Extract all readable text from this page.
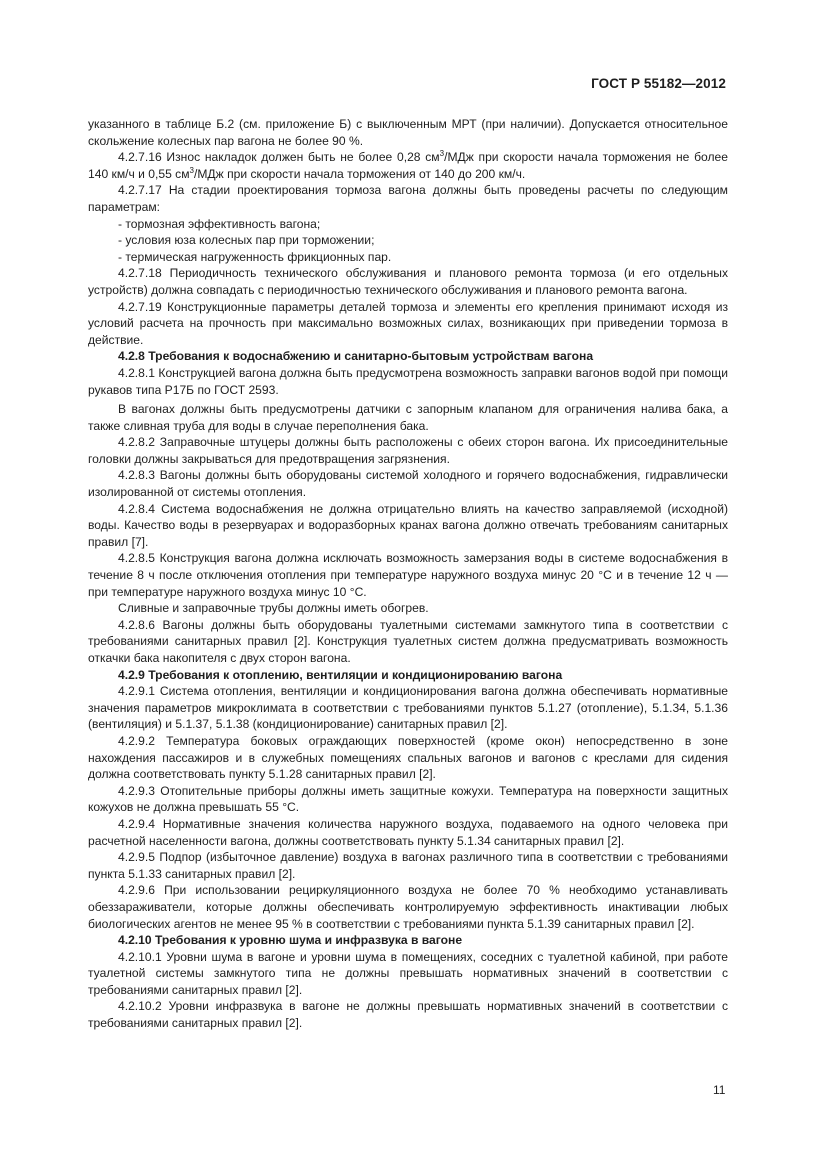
ГОСТ Р 55182—2012

указанного в таблице Б.2 (см. приложение Б) с выключенным МРТ (при наличии). Допускается относительное скольжение колесных пар вагона не более 90 %.

4.2.7.16 Износ накладок должен быть не более 0,28 $см^3$/МДж при скорости начала торможения не более 140 км/ч и 0,55 $см^3$/МДж при скорости начала торможения от 140 до 200 км/ч.

4.2.7.17 На стадии проектирования тормоза вагона должны быть проведены расчеты по следующим параметрам:

- тормозная эффективность вагона;

- условия юза колесных пар при торможении;

- термическая нагруженность фрикционных пар.

4.2.7.18 Периодичность технического обслуживания и планового ремонта тормоза (и его отдельных устройств) должна совпадать с периодичностью технического обслуживания и планового ремонта вагона.

4.2.7.19 Конструкционные параметры деталей тормоза и элементы его крепления принимают исходя из условий расчета на прочность при максимально возможных силах, возникающих при приведении тормоза в действие.

4.2.8 Требования к водоснабжению и санитарно-бытовым устройствам вагона

4.2.8.1 Конструкцией вагона должна быть предусмотрена возможность заправки вагонов водой при помощи рукавов типа Р17Б по ГОСТ 2593.

В вагонах должны быть предусмотрены датчики с запорным клапаном для ограничения налива бака, а также сливная труба для воды в случае переполнения бака.

4.2.8.2 Заправочные штуцеры должны быть расположены с обеих сторон вагона. Их присоединительные головки должны закрываться для предотвращения загрязнения.

4.2.8.3 Вагоны должны быть оборудованы системой холодного и горячего водоснабжения, гидравлически изолированной от системы отопления.

4.2.8.4 Система водоснабжения не должна отрицательно влиять на качество заправляемой (исходной) воды. Качество воды в резервуарах и водоразборных кранах вагона должно отвечать требованиям санитарных правил [7].

4.2.8.5 Конструкция вагона должна исключать возможность замерзания воды в системе водоснабжения в течение 8 ч после отключения отопления при температуре наружного воздуха минус 20 °С и в течение 12 ч — при температуре наружного воздуха минус 10 °С.

Сливные и заправочные трубы должны иметь обогрев.

4.2.8.6 Вагоны должны быть оборудованы туалетными системами замкнутого типа в соответствии с требованиями санитарных правил [2]. Конструкция туалетных систем должна предусматривать возможность откачки бака накопителя с двух сторон вагона.

4.2.9 Требования к отоплению, вентиляции и кондиционированию вагона

4.2.9.1 Система отопления, вентиляции и кондиционирования вагона должна обеспечивать нормативные значения параметров микроклимата в соответствии с требованиями пунктов 5.1.27 (отопление), 5.1.34, 5.1.36 (вентиляция) и 5.1.37, 5.1.38 (кондиционирование) санитарных правил [2].

4.2.9.2 Температура боковых ограждающих поверхностей (кроме окон) непосредственно в зоне нахождения пассажиров и в служебных помещениях спальных вагонов и вагонов с креслами для сидения должна соответствовать пункту 5.1.28 санитарных правил [2].

4.2.9.3 Отопительные приборы должны иметь защитные кожухи. Температура на поверхности защитных кожухов не должна превышать 55 °С.

4.2.9.4 Нормативные значения количества наружного воздуха, подаваемого на одного человека при расчетной населенности вагона, должны соответствовать пункту 5.1.34 санитарных правил [2].

4.2.9.5 Подпор (избыточное давление) воздуха в вагонах различного типа в соответствии с требованиями пункта 5.1.33 санитарных правил [2].

4.2.9.6 При использовании рециркуляционного воздуха не более 70 % необходимо устанавливать обеззараживатели, которые должны обеспечивать контролируемую эффективность инактивации любых биологических агентов не менее 95 % в соответствии с требованиями пункта 5.1.39 санитарных правил [2].

4.2.10 Требования к уровню шума и инфразвука в вагоне

4.2.10.1 Уровни шума в вагоне и уровни шума в помещениях, соседних с туалетной кабиной, при работе туалетной системы замкнутого типа не должны превышать нормативных значений в соответствии с требованиями санитарных правил [2].

4.2.10.2 Уровни инфразвука в вагоне не должны превышать нормативных значений в соответствии с требованиями санитарных правил [2].

11
